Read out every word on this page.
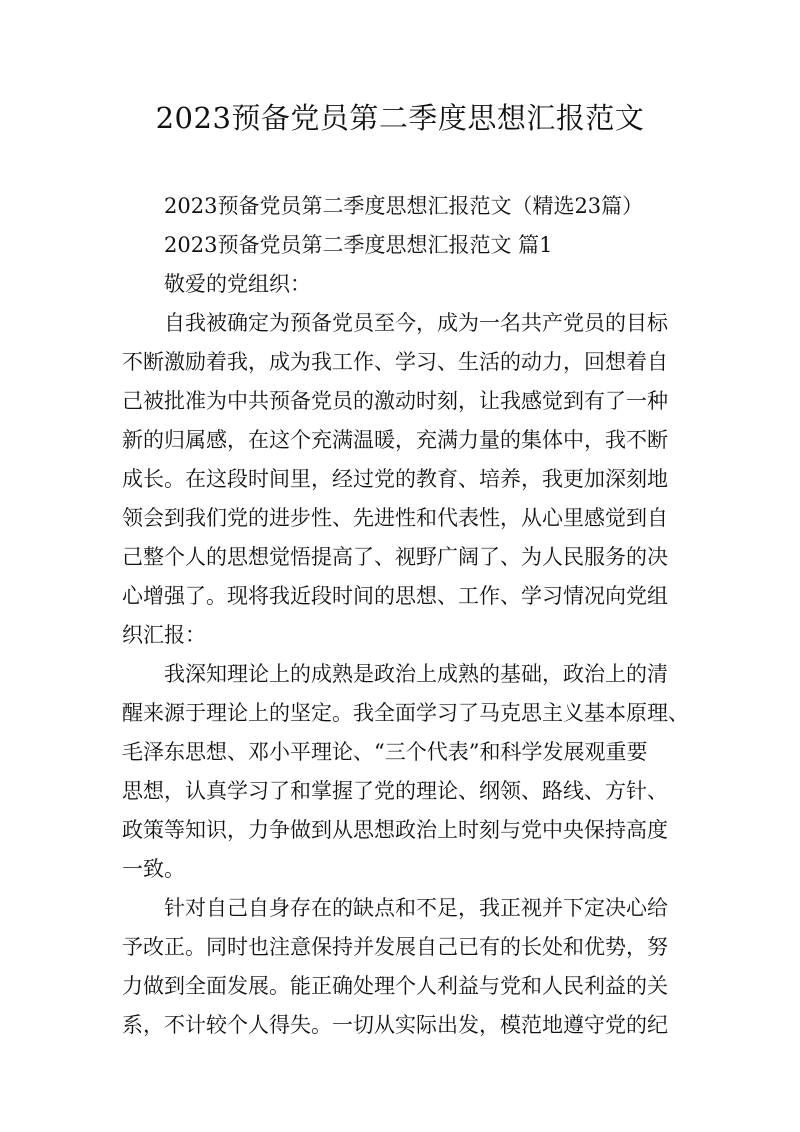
2023预备党员第二季度思想汇报范文
2023预备党员第二季度思想汇报范文（精选23篇）
2023预备党员第二季度思想汇报范文 篇1
敬爱的党组织：
自我被确定为预备党员至今，成为一名共产党员的目标
不断激励着我，成为我工作、学习、生活的动力，回想着自
己被批准为中共预备党员的激动时刻，让我感觉到有了一种
新的归属感，在这个充满温暖，充满力量的集体中，我不断
成长。在这段时间里，经过党的教育、培养，我更加深刻地
领会到我们党的进步性、先进性和代表性，从心里感觉到自
己整个人的思想觉悟提高了、视野广阔了、为人民服务的决
心增强了。现将我近段时间的思想、工作、学习情况向党组
织汇报：
我深知理论上的成熟是政治上成熟的基础，政治上的清
醒来源于理论上的坚定。我全面学习了马克思主义基本原理、
毛泽东思想、邓小平理论、“三个代表”和科学发展观重要
思想，认真学习了和掌握了党的理论、纲领、路线、方针、
政策等知识，力争做到从思想政治上时刻与党中央保持高度
一致。
针对自己自身存在的缺点和不足，我正视并下定决心给
予改正。同时也注意保持并发展自己已有的长处和优势，努
力做到全面发展。能正确处理个人利益与党和人民利益的关
系，不计较个人得失。一切从实际出发，模范地遵守党的纪
